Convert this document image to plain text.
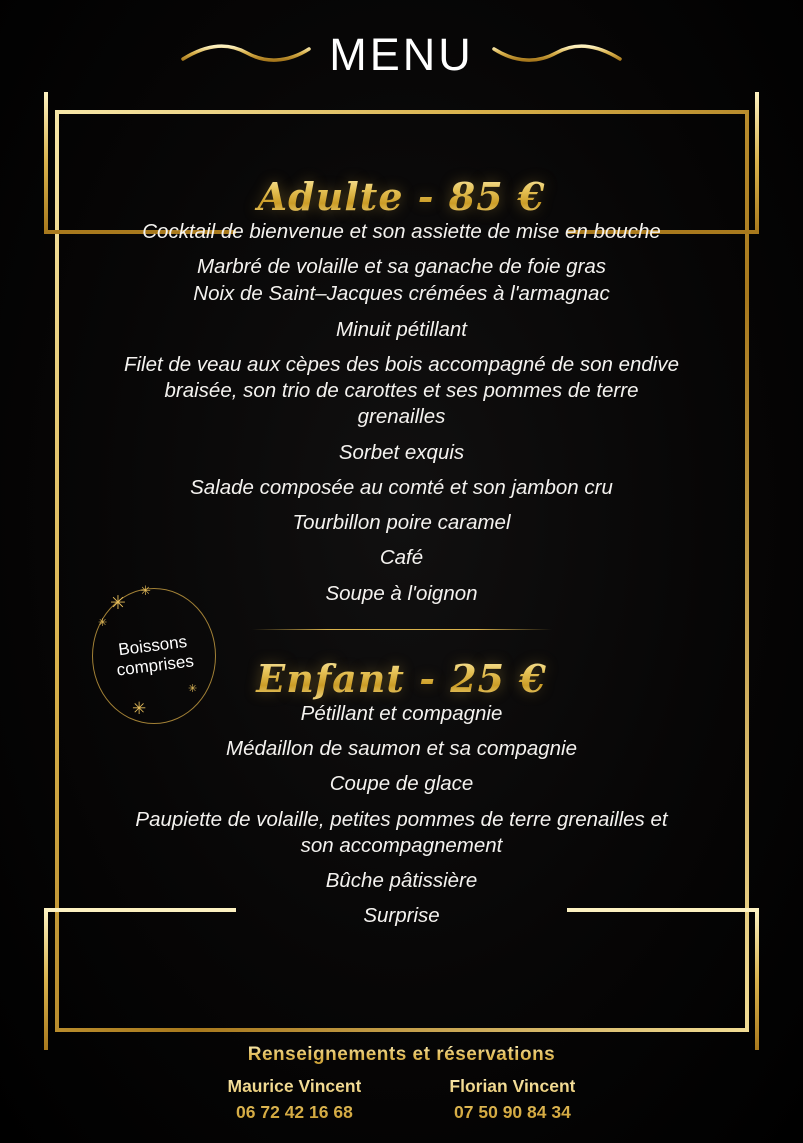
MENU
Adulte - 85 €
Cocktail de bienvenue et son assiette de mise en bouche
Marbré de volaille et sa ganache de foie gras
Noix de Saint–Jacques crémées à l'armagnac
Minuit pétillant
Filet de veau aux cèpes des bois accompagné de son endive braisée, son trio de carottes et ses pommes de terre grenailles
Sorbet exquis
Salade composée au comté et son jambon cru
Tourbillon poire caramel
Café
Soupe à l'oignon
Enfant - 25 €
Pétillant et compagnie
Médaillon de saumon et sa compagnie
Coupe de glace
Paupiette de volaille, petites pommes de terre grenailles et son accompagnement
Bûche pâtissière
Surprise
✳
✳
✳
✳
✳
Boissons
comprises
Renseignements et réservations
Maurice Vincent
06 72 42 16 68
Florian Vincent
07 50 90 84 34
